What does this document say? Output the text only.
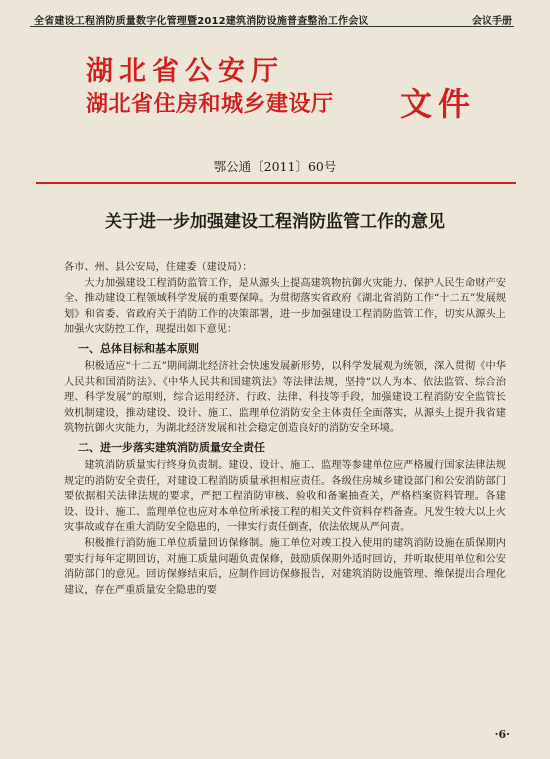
全省建设工程消防质量数字化管理暨2012建筑消防设施普查整治工作会议	会议手册
湖北省公安厅
湖北省住房和城乡建设厅	文件
鄂公通〔2011〕60号
关于进一步加强建设工程消防监管工作的意见

各市、州、县公安局，住建委（建设局）：

大力加强建设工程消防监管工作，是从源头上提高建筑物抗御火灾能力、保护人民生命财产安全、推动建设工程领域科学发展的重要保障。为贯彻落实省政府《湖北省消防工作“十二五”发展规划》和省委、省政府关于消防工作的决策部署，进一步加强建设工程消防监管工作，切实从源头上加强火灾防控工作，现提出如下意见：

一、总体目标和基本原则

积极适应“十二五”期间湖北经济社会快速发展新形势，以科学发展观为统领，深入贯彻《中华人民共和国消防法》、《中华人民共和国建筑法》等法律法规，坚持“以人为本、依法监管、综合治理、科学发展”的原则，综合运用经济、行政、法律、科技等手段，加强建设工程消防安全监管长效机制建设，推动建设、设计、施工、监理单位消防安全主体责任全面落实，从源头上提升我省建筑物抗御火灾能力，为湖北经济发展和社会稳定创造良好的消防安全环境。

二、进一步落实建筑消防质量安全责任

建筑消防质量实行终身负责制。建设、设计、施工、监理等参建单位应严格履行国家法律法规规定的消防安全责任，对建设工程消防质量承担相应责任。各级住房城乡建设部门和公安消防部门要依据相关法律法规的要求，严把工程消防审核、验收和备案抽查关，严格档案资料管理。各建设、设计、施工、监理单位也应对本单位所承接工程的相关文件资料存档备查。凡发生较大以上火灾事故或存在重大消防安全隐患的，一律实行责任倒查，依法依规从严问责。

积极推行消防施工单位质量回访保修制。施工单位对竣工投入使用的建筑消防设施在质保期内要实行每年定期回访，对施工质量问题负责保修，鼓励质保期外适时回访，并听取使用单位和公安消防部门的意见。回访保修结束后，应制作回访保修报告，对建筑消防设施管理、维保提出合理化建议，存在严重质量安全隐患的要

·6·
